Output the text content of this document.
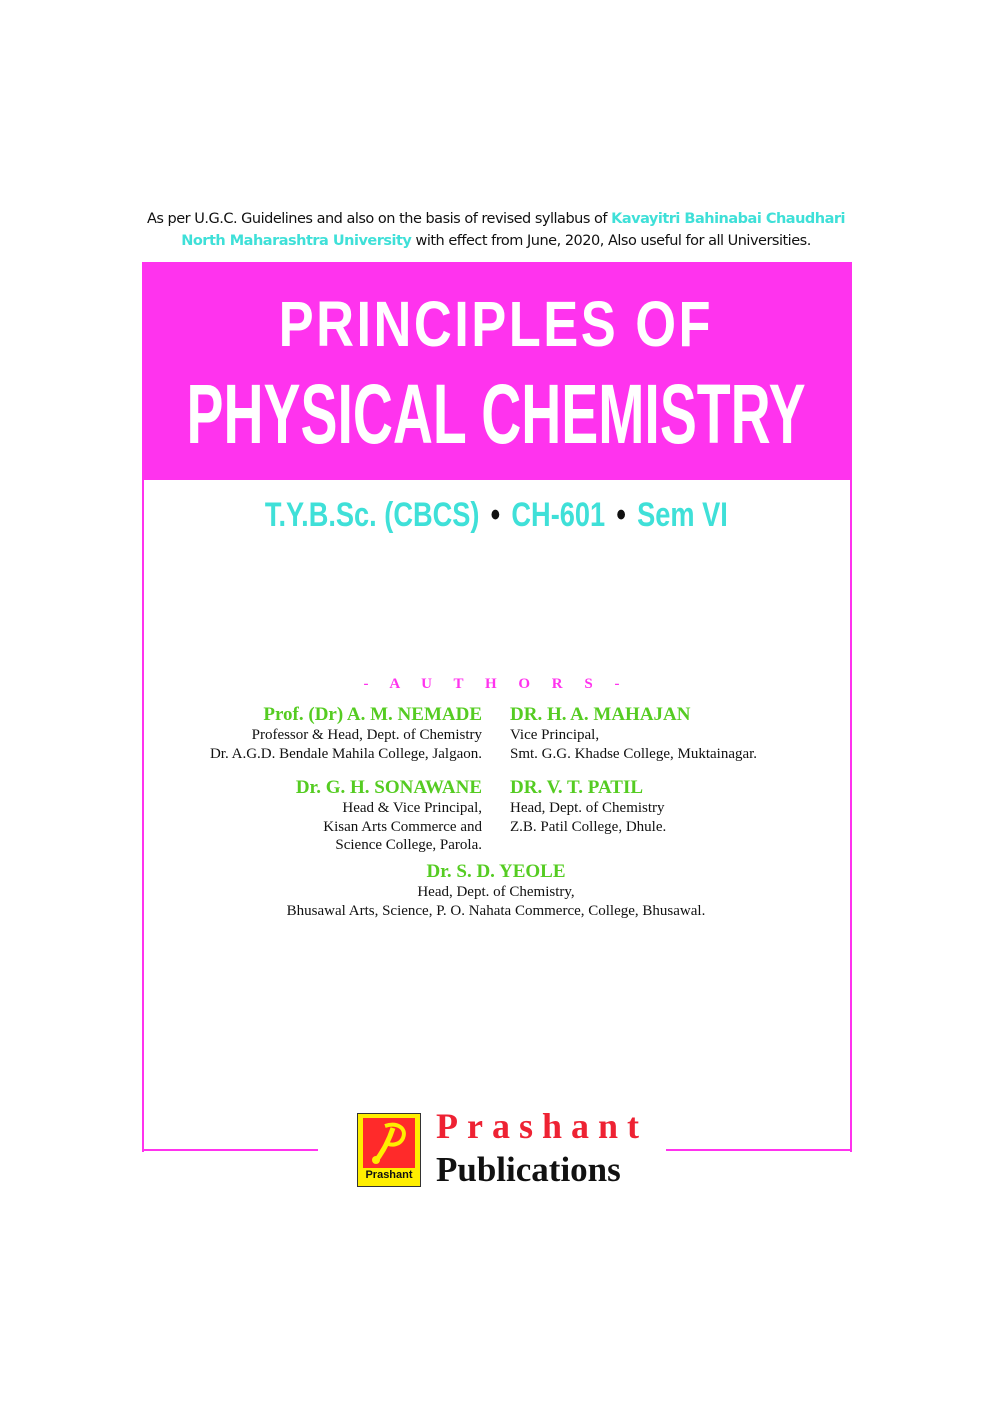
As per U.G.C. Guidelines and also on the basis of revised syllabus of Kavayitri Bahinabai Chaudhari
North Maharashtra University with effect from June, 2020, Also useful for all Universities.
PRINCIPLES OF
PHYSICAL CHEMISTRY
T.Y.B.Sc. (CBCS) • CH-601 • Sem VI
- A U T H O R S -
Prof. (Dr) A. M. NEMADE
Professor & Head, Dept. of Chemistry
Dr. A.G.D. Bendale Mahila College, Jalgaon.
DR. H. A. MAHAJAN
Vice Principal,
Smt. G.G. Khadse College, Muktainagar.
Dr. G. H. SONAWANE
Head & Vice Principal,
Kisan Arts Commerce and
Science College, Parola.
DR. V. T. PATIL
Head, Dept. of Chemistry
Z.B. Patil College, Dhule.
Dr. S. D. YEOLE
Head, Dept. of Chemistry,
Bhusawal Arts, Science, P. O. Nahata Commerce, College, Bhusawal.
Prashant
Prashant
Publications
